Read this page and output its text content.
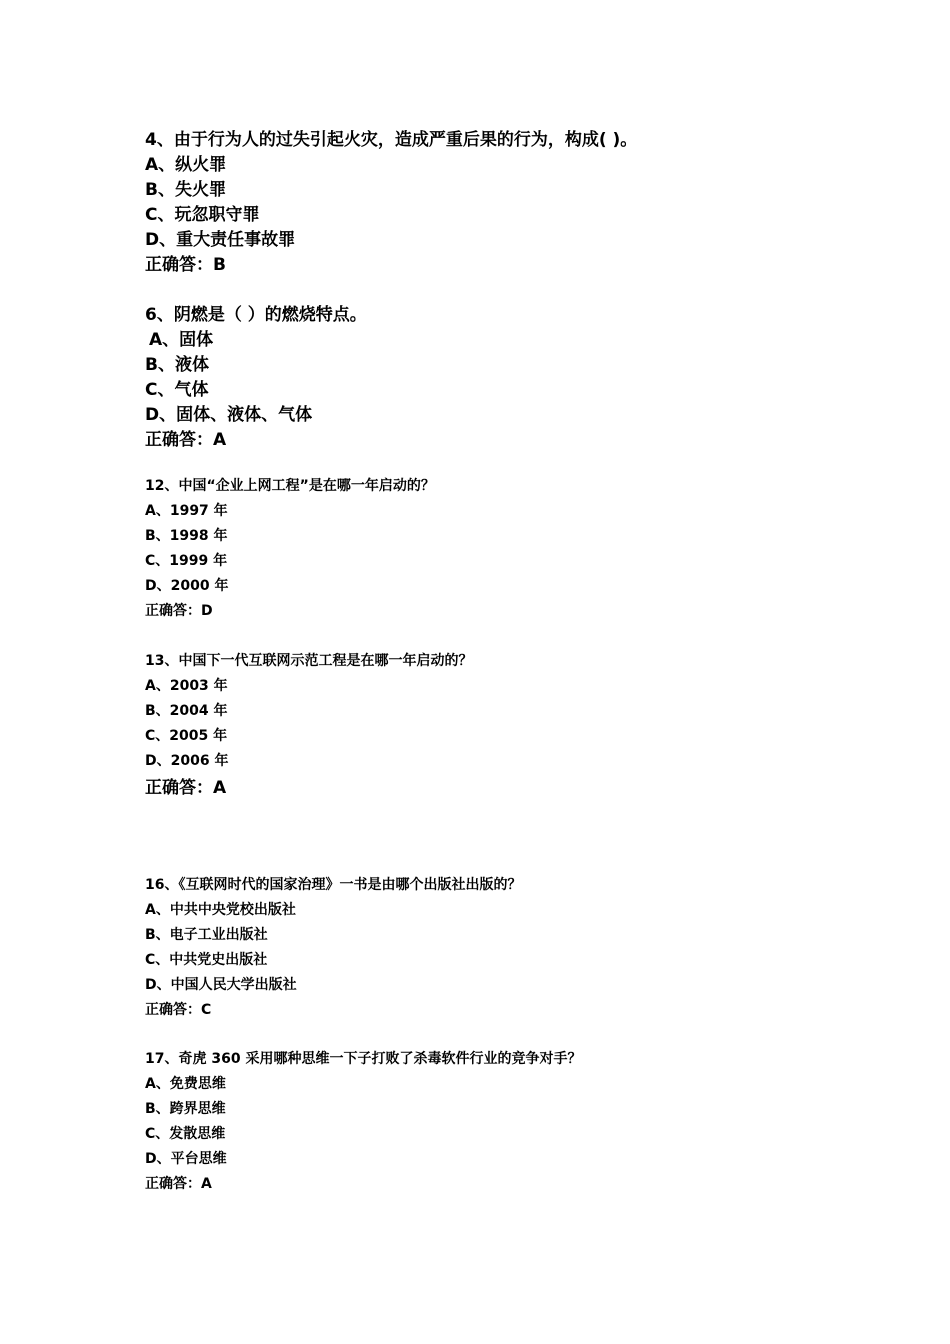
4、由于行为人的过失引起火灾，造成严重后果的行为，构成( )。
A、纵火罪
B、失火罪
C、玩忽职守罪
D、重大责任事故罪
正确答：B
6、阴燃是（ ）的燃烧特点。
A、固体
B、液体
C、气体
D、固体、液体、气体
正确答：A
12、中国“企业上网工程”是在哪一年启动的？
A、1997 年
B、1998 年
C、1999 年
D、2000 年
正确答：D
13、中国下一代互联网示范工程是在哪一年启动的？
A、2003 年
B、2004 年
C、2005 年
D、2006 年
正确答：A
16、《互联网时代的国家治理》一书是由哪个出版社出版的？
A、中共中央党校出版社
B、电子工业出版社
C、中共党史出版社
D、中国人民大学出版社
正确答：C
17、奇虎 360 采用哪种思维一下子打败了杀毒软件行业的竞争对手？
A、免费思维
B、跨界思维
C、发散思维
D、平台思维
正确答：A
